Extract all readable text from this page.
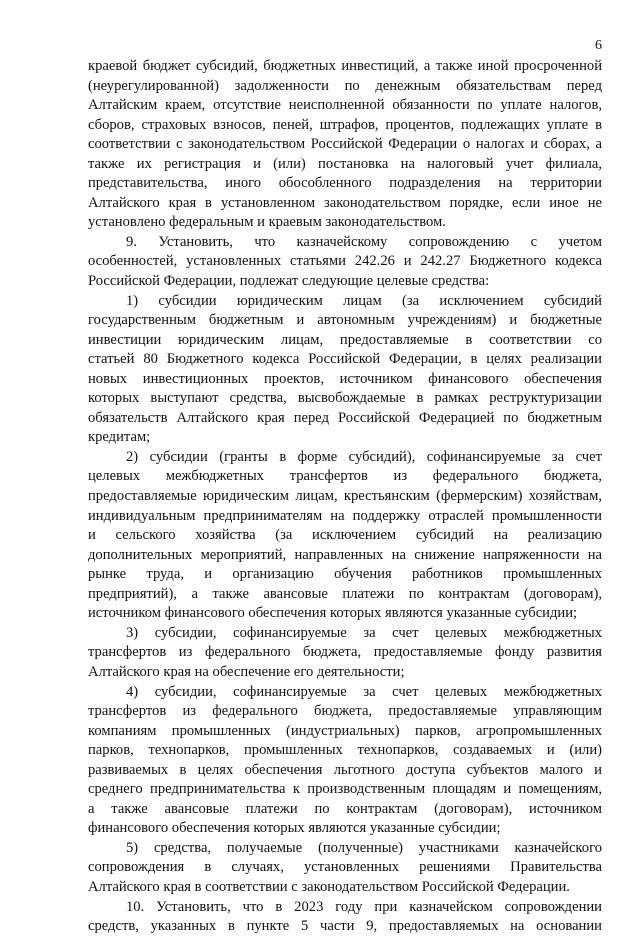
6
краевой бюджет субсидий, бюджетных инвестиций, а также иной просроченной
(неурегулированной) задолженности по денежным обязательствам перед
Алтайским краем, отсутствие неисполненной обязанности по уплате налогов,
сборов, страховых взносов, пеней, штрафов, процентов, подлежащих уплате в
соответствии с законодательством Российской Федерации о налогах и сборах, а
также их регистрация и (или) постановка на налоговый учет филиала,
представительства, иного обособленного подразделения на территории
Алтайского края в установленном законодательством порядке, если иное не
установлено федеральным и краевым законодательством.
9. Установить, что казначейскому сопровождению с учетом
особенностей, установленных статьями 242.26 и 242.27 Бюджетного кодекса
Российской Федерации, подлежат следующие целевые средства:
1) субсидии юридическим лицам (за исключением субсидий
государственным бюджетным и автономным учреждениям) и бюджетные
инвестиции юридическим лицам, предоставляемые в соответствии со
статьей 80 Бюджетного кодекса Российской Федерации, в целях реализации
новых инвестиционных проектов, источником финансового обеспечения
которых выступают средства, высвобождаемые в рамках реструктуризации
обязательств Алтайского края перед Российской Федерацией по бюджетным
кредитам;
2) субсидии (гранты в форме субсидий), софинансируемые за счет
целевых межбюджетных трансфертов из федерального бюджета,
предоставляемые юридическим лицам, крестьянским (фермерским) хозяйствам,
индивидуальным предпринимателям на поддержку отраслей промышленности
и сельского хозяйства (за исключением субсидий на реализацию
дополнительных мероприятий, направленных на снижение напряженности на
рынке труда, и организацию обучения работников промышленных
предприятий), а также авансовые платежи по контрактам (договорам),
источником финансового обеспечения которых являются указанные субсидии;
3) субсидии, софинансируемые за счет целевых межбюджетных
трансфертов из федерального бюджета, предоставляемые фонду развития
Алтайского края на обеспечение его деятельности;
4) субсидии, софинансируемые за счет целевых межбюджетных
трансфертов из федерального бюджета, предоставляемые управляющим
компаниям промышленных (индустриальных) парков, агропромышленных
парков, технопарков, промышленных технопарков, создаваемых и (или)
развиваемых в целях обеспечения льготного доступа субъектов малого и
среднего предпринимательства к производственным площадям и помещениям,
а также авансовые платежи по контрактам (договорам), источником
финансового обеспечения которых являются указанные субсидии;
5) средства, получаемые (полученные) участниками казначейского
сопровождения в случаях, установленных решениями Правительства
Алтайского края в соответствии с законодательством Российской Федерации.
10. Установить, что в 2023 году при казначейском сопровождении
средств, указанных в пункте 5 части 9, предоставляемых на основании
